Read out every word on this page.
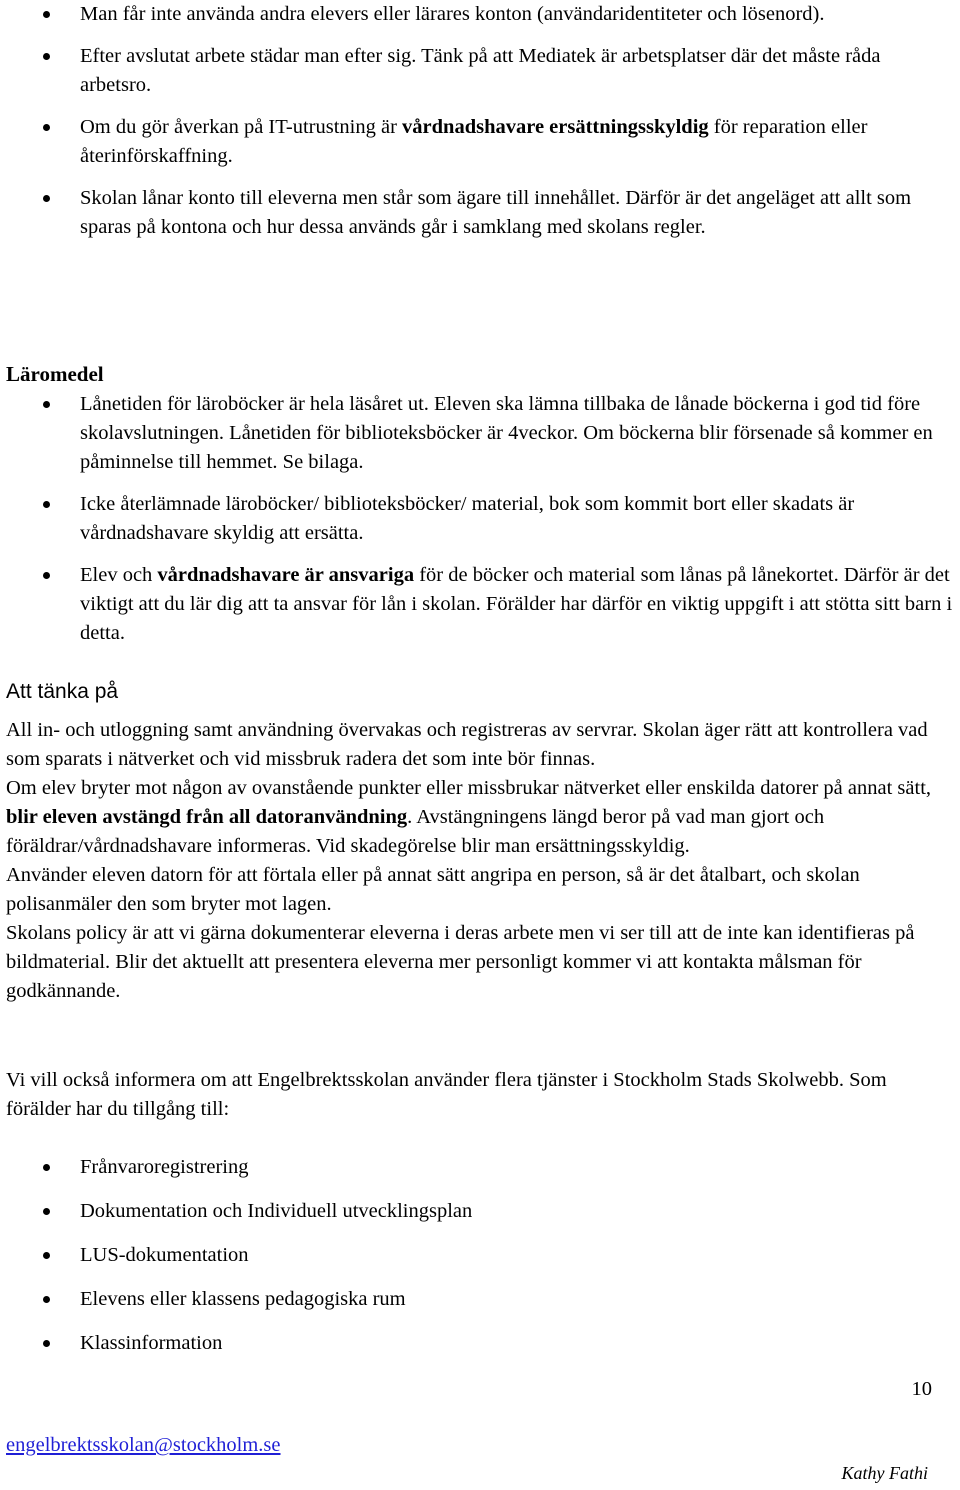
Man får inte använda andra elevers eller lärares konton (användaridentiteter och lösenord).
Efter avslutat arbete städar man efter sig. Tänk på att Mediatek är arbetsplatser där det måste råda arbetsro.
Om du gör åverkan på IT-utrustning är vårdnadshavare ersättningsskyldig för reparation eller återinförskaffning.
Skolan lånar konto till eleverna men står som ägare till innehållet. Därför är det angeläget att allt som sparas på kontona och hur dessa används går i samklang med skolans regler.
Läromedel
Lånetiden för läroböcker är hela läsåret ut. Eleven ska lämna tillbaka de lånade böckerna i god tid före skolavslutningen. Lånetiden för biblioteksböcker är 4veckor. Om böckerna blir försenade så kommer en påminnelse till hemmet. Se bilaga.
Icke återlämnade läroböcker/ biblioteksböcker/ material, bok som kommit bort eller skadats är vårdnadshavare skyldig att ersätta.
Elev och vårdnadshavare är ansvariga för de böcker och material som lånas på lånekortet. Därför är det viktigt att du lär dig att ta ansvar för lån i skolan. Förälder har därför en viktig uppgift i att stötta sitt barn i detta.
Att tänka på

All in- och utloggning samt användning övervakas och registreras av servrar. Skolan äger rätt att kontrollera vad som sparats i nätverket och vid missbruk radera det som inte bör finnas.

Om elev bryter mot någon av ovanstående punkter eller missbrukar nätverket eller enskilda datorer på annat sätt, blir eleven avstängd från all datoranvändning. Avstängningens längd beror på vad man gjort och föräldrar/vårdnadshavare informeras. Vid skadegörelse blir man ersättningsskyldig.

Använder eleven datorn för att förtala eller på annat sätt angripa en person, så är det åtalbart, och skolan polisanmäler den som bryter mot lagen.

Skolans policy är att vi gärna dokumenterar eleverna i deras arbete men vi ser till att de inte kan identifieras på bildmaterial. Blir det aktuellt att presentera eleverna mer personligt kommer vi att kontakta målsman för godkännande.

Vi vill också informera om att Engelbrektsskolan använder flera tjänster i Stockholm Stads Skolwebb. Som förälder har du tillgång till:

Frånvaroregistrering
Dokumentation och Individuell utvecklingsplan
LUS-dokumentation
Elevens eller klassens pedagogiska rum
Klassinformation
10
engelbrektsskolan@stockholm.se
Kathy Fathi
